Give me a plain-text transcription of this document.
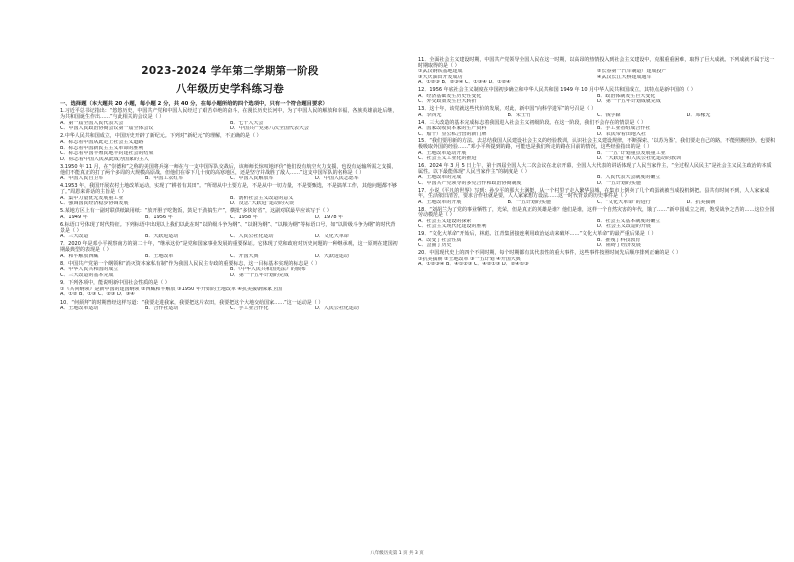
2023-2024 学年第二学期第一阶段
八年级历史学科练习卷
一、选择题（本大题共 20 小题，每小题 2 分，共 40 分，在每小题所给的四个选项中，只有一个符合题目要求）
1.习近平总书记指出：“悠悠历史，中国共产党和中国人民经过了艰苦卓绝的奋斗，在漫长历史长河中，为了中国人民的解放和幸福，各族英雄前赴后继，为共和国诞生作出……”与此相关的会议是（ ）
A．第一届全国人民代表大会	B．七千人大会
C．中国人民政治协商会议第一届全体会议	D．中国共产党第八次全国代表大会
2.中华人民共和国成立，中国历史开辟了新纪元。下列对“新纪元”的理解，不正确的是（ ）
A．标志着中国从此走上社会主义道路
B．标志着中国新民主主义革命的胜利
C．标志着中国半殖民地半封建社会的结束
D．标志着中国人民从此成为国家的主人
3.1950 年 11 月，在“崇德和”之称的美国将兵第一师在与一支中国军队交战后，该师师长惊叹地评价“他们没有航空火力支援，也没有运输所需之支援，他们不能真正的打了两个多周的大规模高原战，但他们在零下几十度的高寒地区，还是坚守并战胜了敌人……”这支中国军队的名称是（ ）
A．中国人民自卫军	B．中国工农红军	C．中国人民解放军	D．中国人民志愿军
4.1953 年，我国开展农村土地改革运动，实现了”耕者有其田“。“所谓从中土要方是，不是从中一切力量，不是要甄选，不是搞革工作，其他问题都不够了。”周恩来讲话的主旨是（ ）
A．集中力量优先发展重工业	B．剖析社会主义改造的意义
C．强调国民经济稳步协调发展	D．反思“大跃进”运动的失误
5.某地方区上有一副对联供纸缺用纸：“放开胆子吃饱饭，鼓足干劲搞生产”，横批“多快好省”，这副对联最早应该写于（ ）
A．1949 年	B．1956 年	C．1958 年	D．1978 年
6.标语口号体现了时代特征。下列标语中出现以上我们以此在时“以阶级斗争为纲”、“以钢为纲”、“以粮为纲”等标语口号，如“以阶级斗争为纲”的时代背景是（ ）
A．三大改造	B．大跃进运动	C．人民公社化运动	D．文化大革命
7．2020 年是邓小平视察南方的第二十年，“继承这份”是党和国家事业发展的重要保证。它体现了党和政府对历史问题的一种继承观，这一原则在建国初期最典型的表现是（ ）
A．和平解放西藏	B．土地改革	C．开国大典	D．大跃进运动
8．中国共产党第一个纲领和“消灭资本家私有制”作为我国人民民主专政的重要标志，这一目标基本实现的标志是（ ）
A．中华人民共和国的成立	B．《中华人民共和国宪法》的颁布
C．三大改造的基本完成	D．第一个五年计划的完成
9．下列各项中，能说明新中国社会性质的是（ ）
①《共同纲领》是新中国的建国纲领 ②西藏和平解放 ③1950 年开始的土地改革 ④抗美援朝保家卫国
A．①② B．①③ C．②③ D．③④
10．“何须拜”的时期曾经这样写道：“我要走进我家，我要把这片农田，我要把这个大地交给国家……”这一运动是（ ）
A．土地改革运动	B．合作社运动	C．手工业合作化	D．人民公社化运动
11．全面社会主义建设时期，中国共产党领导全国人民在这一时期，以高昂的热情投入到社会主义建设中，克服重重困难，取得了巨大成就。下列成就不属于这一时期取得的是（ ）
①武汉钢铁基地建成	②长春第一汽车制造厂建成投产
③大庆油田开发成功	④武汉长江大桥建成通车
A．①②③ B．②③④ C．①③④ D．①②④
12．1956 年底社会主义制度在中国初步确立和中华人民共和国 1949 年 10 月中华人民共和国成立，其特点是新中国的（ ）
A．经济基础发生历史性变化	B．政治体制发生巨大变化
C．外交政策发生巨大转折	D．第一个五年计划成就完成
13．这十年，该党就这些代价的发展，对此，新中国“向科学进军”的号召是（ ）
A．李四光	B．朱士竹	C．钱学森	D．邓稼先
14．三大改造的基本完成标志着我国进入社会主义初级阶段。在这一阶段，我们不会存在的情景是（ ）
A．国家改收资本家的生产资料	B．手工业者组成合作社
C．船千厂里公私合营的新门牌	D．农民带着田地入社
15．“我们要用新的方法、去总结我国人民建设社会主义的经验教训，认识社会主义建设规律，不断探索、‘以苏为鉴’，我们要走自己的路，不能照搬照抄，也要积极吸取外国的经验……”邓小平所提到的路，可能也是我们所走的路在目前的情况，这些经验指出的是（ ）
A．土地改革运动开展	B．“一五”计划重点发展重工业
C．社会主义工业化的推进	D．“大跃进”和人民公社化运动的教训
16．2024 年 3 月 5 日上午，第十四届全国人大二次会议在北京开幕，全国人大代表的讲话体现了人民当家作主，“全过程人民民主”是社会主义民主政治的本质属性。以下最能体现“人民当家作主”的制度是（ ）
A．土地改革的完成	B．人民代表大会制度的确立
C．中国共产党领导的多党合作和政治协商制度	D．一五计划的实施
17．小说《平凡的世界》写到：孙少平的那大土满挺，从一个村里子走入繁华县城，在集市上倒卖了几个鸡蛋就被当成投机倒把。县共有时间不到，人人家家成年，生活依旧清苦，要求合作社就是要，人人家家想方设法……这一时代背景的历史事件是（ ）
A．土地改革的开展	B．一五计划的实施	C．“文化大革命”的进行	D．抗美援朝
18．“刘胡兰为了党的事业牺牲了，光荣，但是真正的英雄是谁？他们是谁，这样一个自然灾害的年代，饿了……”新中国成立之初，饱受战争之苦的……这位全国劳动模范是（ ）
A．社会主义建设的探索	B．社会主义基本制度的确立
C．社会主义现代化建设的胜利	D．社会主义改造的开展
19．“文化大革命”开始后，林彪、江青集团接连利用政治运动来破坏……“文化大革命”的最严重后果是（ ）
A．改变了社会性质	B．推残了科技教育
C．歪曲了历史	D．阻碍了经济发展
20．中国现代史上的四个不同时期，每个时期都有其代表性的重大事件，这些事件按照时间先后顺序排列正确的是（ ）
①抗美援朝 ②土地改革 ③一五计划 ④开国大典
A．①②③④ B．④①②③ C．④②①③ D．②④①③
八年级历史第 1 页 共 3 页
